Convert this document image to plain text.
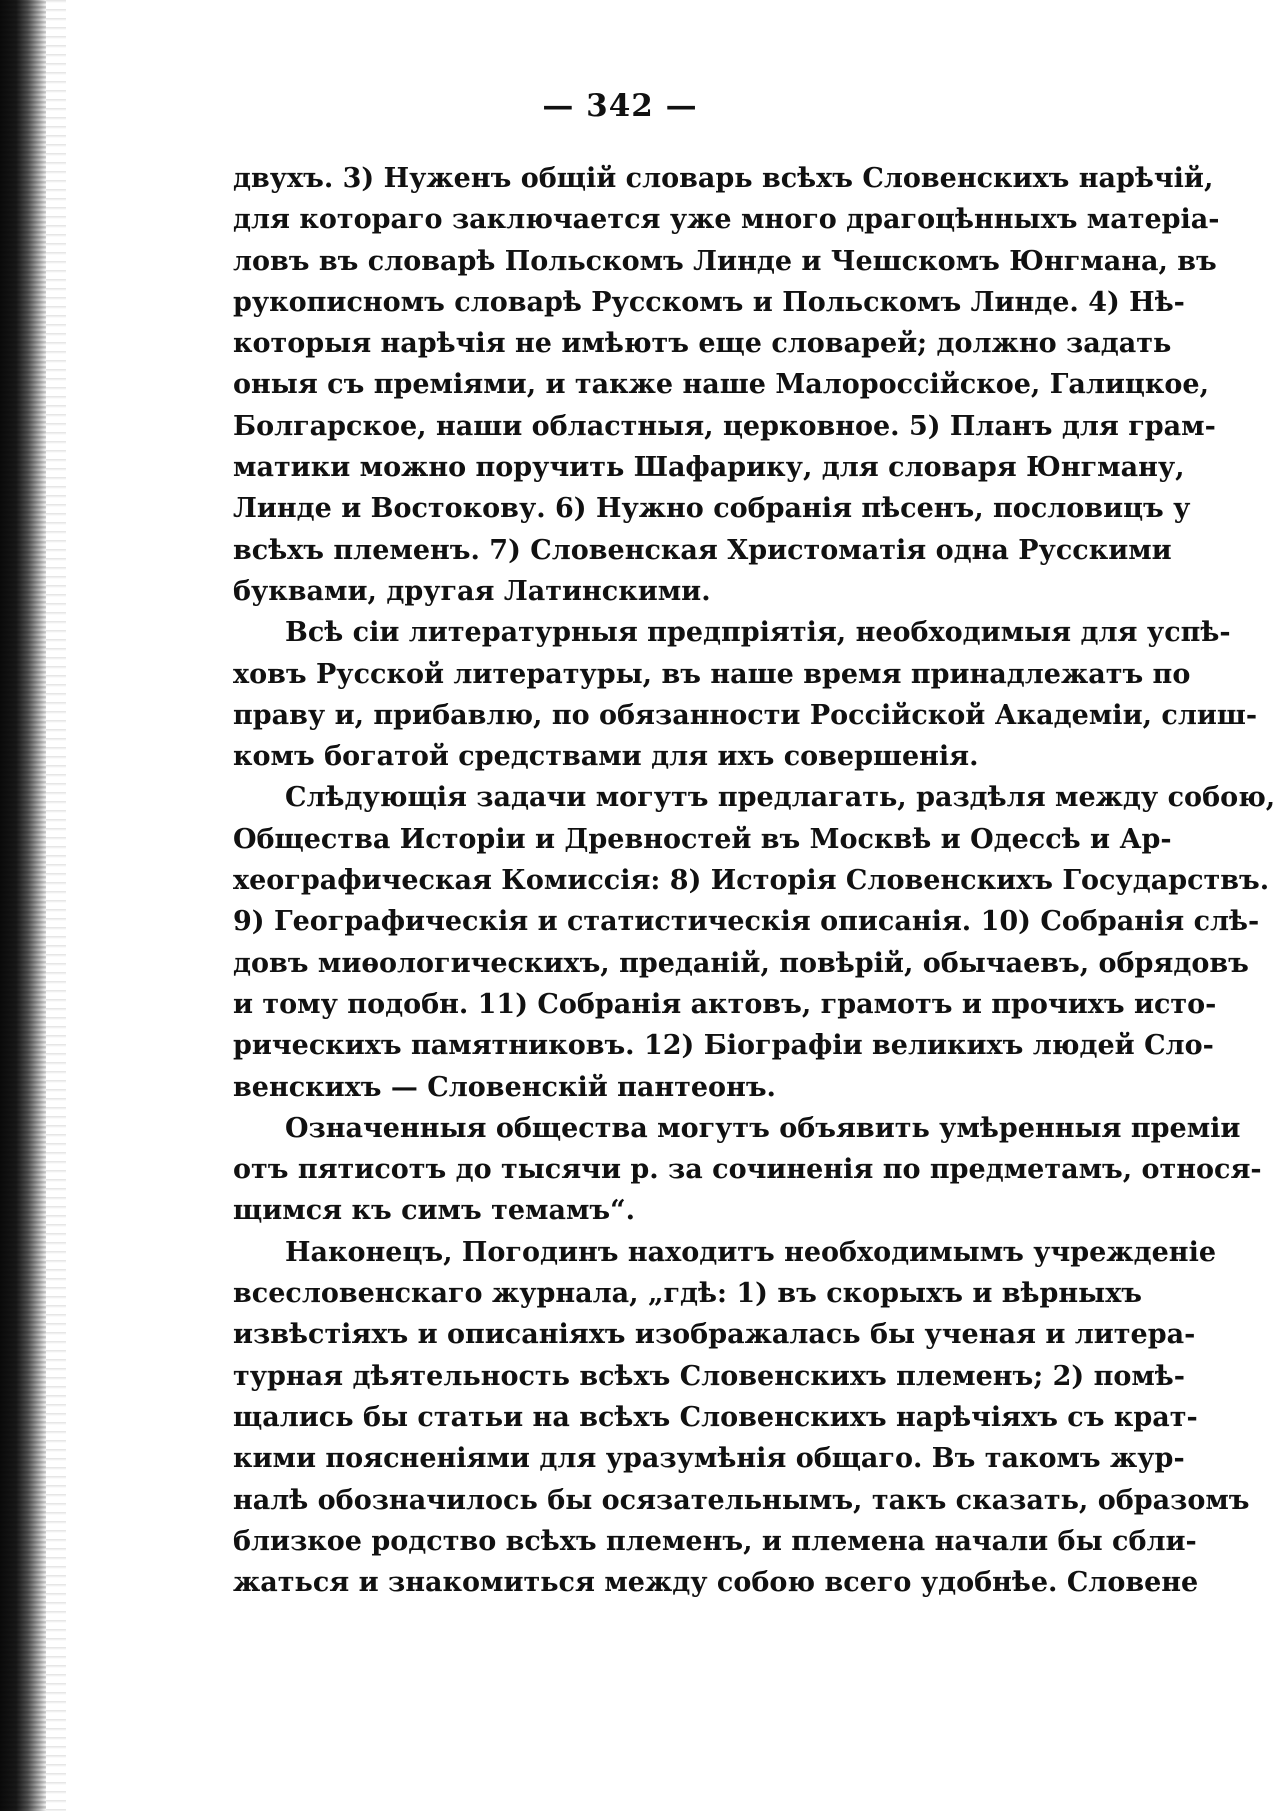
— 342 —
двухъ. 3) Нуженъ общій словарь всѣхъ Словенскихъ нарѣчій,
для котораго заключается уже много драгоцѣнныхъ матеріа-
ловъ въ словарѣ Польскомъ Линде и Чешскомъ Юнгмана, въ
рукописномъ словарѣ Русскомъ и Польскомъ Линде. 4) Нѣ-
которыя нарѣчія не имѣютъ еще словарей; должно задать
оныя съ преміями, и также наше Малороссійское, Галицкое,
Болгарское, наши областныя, церковное. 5) Планъ для грам-
матики можно поручить Шафарику, для словаря Юнгману,
Линде и Востокову. 6) Нужно собранія пѣсенъ, пословицъ у
всѣхъ племенъ. 7) Словенская Христоматія одна Русскими
буквами, другая Латинскими.
Всѣ сіи литературныя предпріятія, необходимыя для успѣ-
ховъ Русской литературы, въ наше время принадлежатъ по
праву и, прибавлю, по обязанности Россійской Академіи, слиш-
комъ богатой средствами для ихъ совершенія.
Слѣдующія задачи могутъ предлагать, раздѣля между собою,
Общества Исторіи и Древностей въ Москвѣ и Одессѣ и Ар-
хеографическая Комиссія: 8) Исторія Словенскихъ Государствъ.
9) Географическія и статистическія описанія. 10) Собранія слѣ-
довъ миѳологическихъ, преданій, повѣрій, обычаевъ, обрядовъ
и тому подобн. 11) Собранія актовъ, грамотъ и прочихъ исто-
рическихъ памятниковъ. 12) Біографіи великихъ людей Сло-
венскихъ — Словенскій пантеонъ.
Означенныя общества могутъ объявить умѣренныя преміи
отъ пятисотъ до тысячи р. за сочиненія по предметамъ, относя-
щимся къ симъ темамъ“.
Наконецъ, Погодинъ находитъ необходимымъ учрежденіе
всесловенскаго журнала, „гдѣ: 1) въ скорыхъ и вѣрныхъ
извѣстіяхъ и описаніяхъ изображалась бы ученая и литера-
турная дѣятельность всѣхъ Словенскихъ племенъ; 2) помѣ-
щались бы статьи на всѣхъ Словенскихъ нарѣчіяхъ съ крат-
кими поясненіями для уразумѣнія общаго. Въ такомъ жур-
налѣ обозначилось бы осязательнымъ, такъ сказать, образомъ
близкое родство всѣхъ племенъ, и племена начали бы сбли-
жаться и знакомиться между собою всего удобнѣе. Словене
